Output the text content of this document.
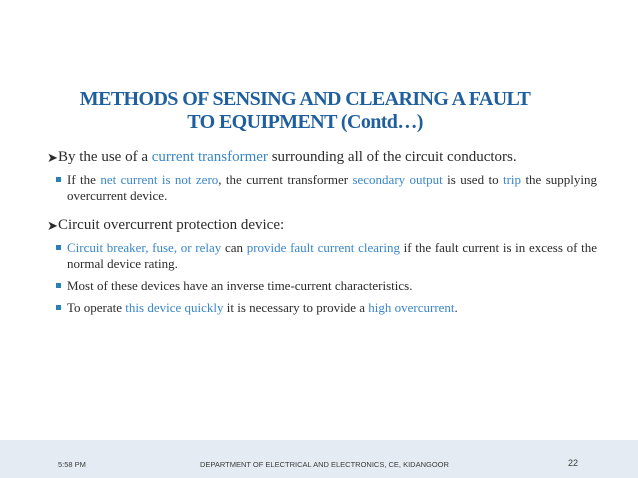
METHODS OF SENSING AND CLEARING A FAULT
TO EQUIPMENT (Contd…)
➤ By the use of a current transformer surrounding all of the circuit conductors.
If the net current is not zero, the current transformer secondary output is used to trip the supplying overcurrent device.
➤ Circuit overcurrent protection device:
Circuit breaker, fuse, or relay can provide fault current clearing if the fault current is in excess of the normal device rating.
Most of these devices have an inverse time-current characteristics.
To operate this device quickly it is necessary to provide a high overcurrent.
5:58 PM	DEPARTMENT OF ELECTRICAL AND ELECTRONICS, CE, KIDANGOOR	22
